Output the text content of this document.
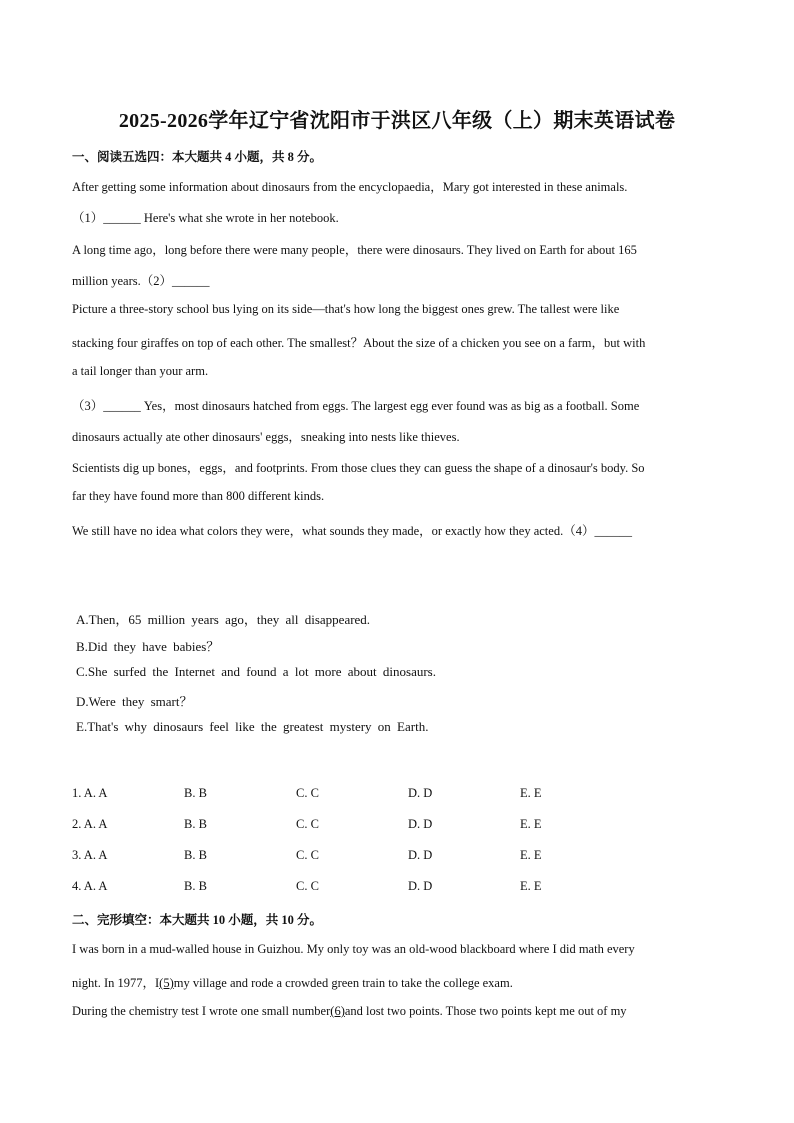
2025-2026学年辽宁省沈阳市于洪区八年级（上）期末英语试卷
一、阅读五选四：本大题共 4 小题，共 8 分。
After getting some information about dinosaurs from the encyclopaedia，Mary got interested in these animals.
（1）______ Here's what she wrote in her notebook.
A long time ago，long before there were many people，there were dinosaurs. They lived on Earth for about 165
million years.（2）______
Picture a three-story school bus lying on its side—that's how long the biggest ones grew. The tallest were like
stacking four giraffes on top of each other. The smallest？About the size of a chicken you see on a farm，but with
a tail longer than your arm.
（3）______ Yes，most dinosaurs hatched from eggs. The largest egg ever found was as big as a football. Some
dinosaurs actually ate other dinosaurs' eggs，sneaking into nests like thieves.
Scientists dig up bones，eggs，and footprints. From those clues they can guess the shape of a dinosaur's body. So
far they have found more than 800 different kinds.
We still have no idea what colors they were，what sounds they made，or exactly how they acted.（4）______
A.Then，65 million years ago，they all disappeared.
B.Did they have babies？
C.She surfed the Internet and found a lot more about dinosaurs.
D.Were they smart？
E.That's why dinosaurs feel like the greatest mystery on Earth.
1. A. A	B. B	C. C	D. D	E. E
2. A. A	B. B	C. C	D. D	E. E
3. A. A	B. B	C. C	D. D	E. E
4. A. A	B. B	C. C	D. D	E. E
二、完形填空：本大题共 10 小题，共 10 分。
I was born in a mud-walled house in Guizhou. My only toy was an old-wood blackboard where I did math every
night. In 1977，I(5)my village and rode a crowded green train to take the college exam.
During the chemistry test I wrote one small number(6)and lost two points. Those two points kept me out of my
